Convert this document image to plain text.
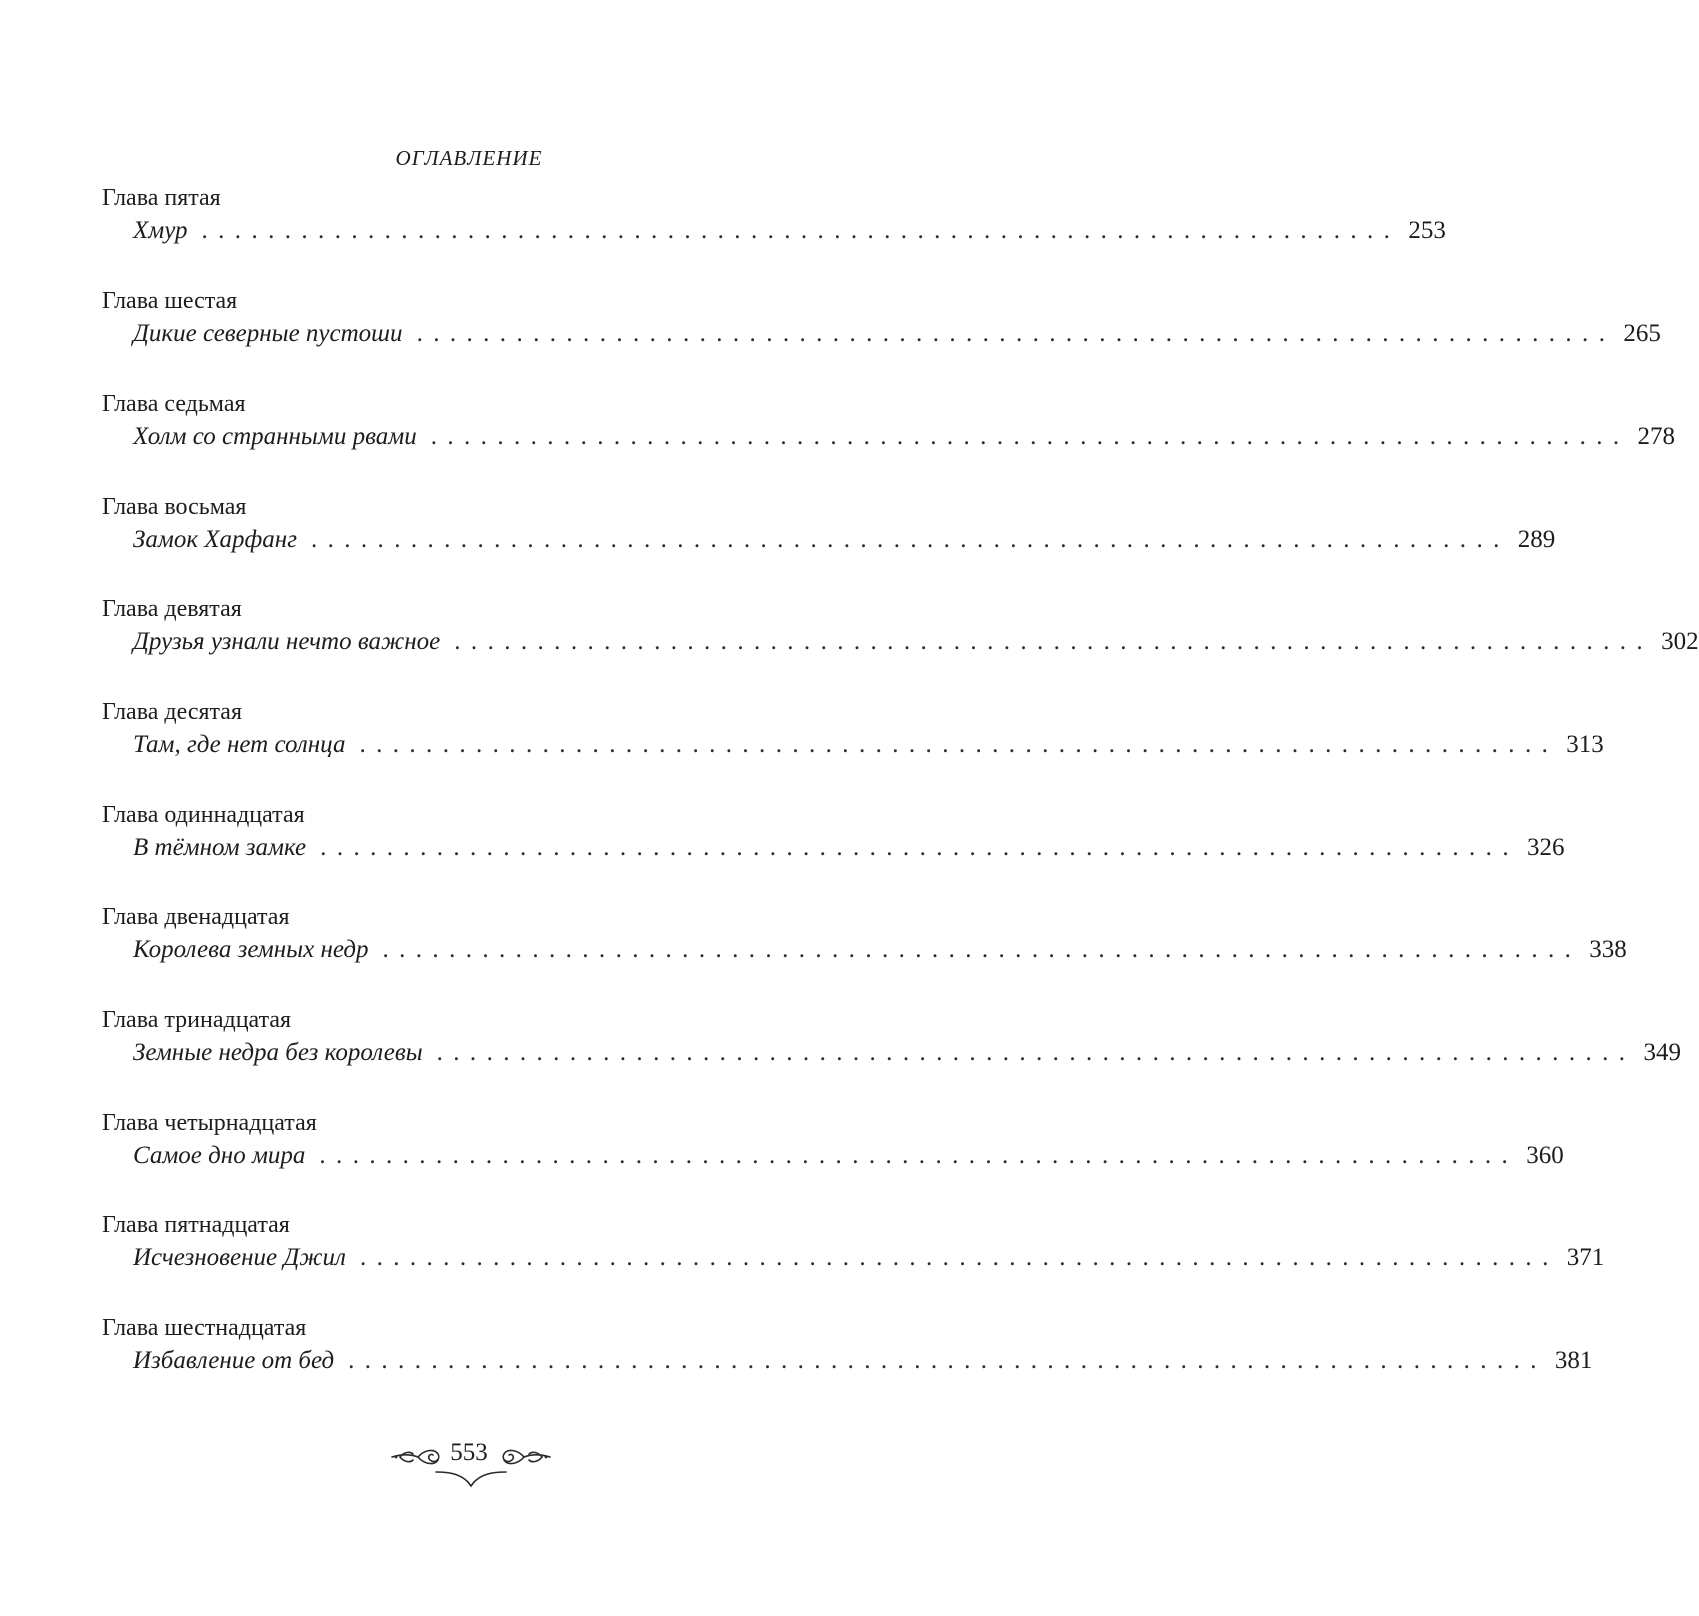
ОГЛАВЛЕНИЕ
Глава пятая
Хмур ........................................................................ 253
Глава шестая
Дикие северные пустоши ........................................................................ 265
Глава седьмая
Холм со странными рвами ........................................................................ 278
Глава восьмая
Замок Харфанг ........................................................................ 289
Глава девятая
Друзья узнали нечто важное ........................................................................ 302
Глава десятая
Там, где нет солнца ........................................................................ 313
Глава одиннадцатая
В тёмном замке ........................................................................ 326
Глава двенадцатая
Королева земных недр ........................................................................ 338
Глава тринадцатая
Земные недра без королевы ........................................................................ 349
Глава четырнадцатая
Самое дно мира ........................................................................ 360
Глава пятнадцатая
Исчезновение Джил ........................................................................ 371
Глава шестнадцатая
Избавление от бед ........................................................................ 381
553
